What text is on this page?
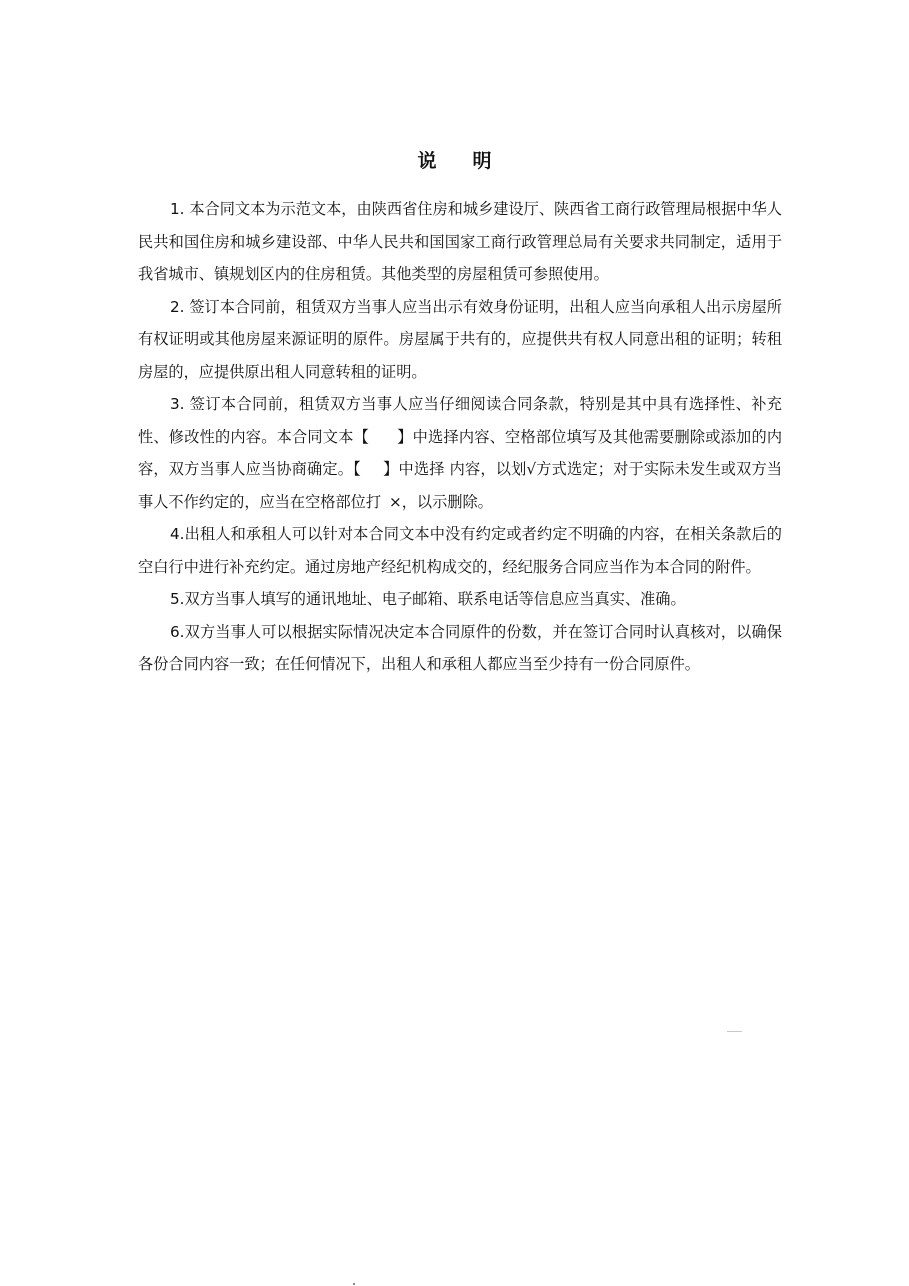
说明

1. 本合同文本为示范文本，由陕西省住房和城乡建设厅、陕西省工商行政管理局根据中华人民共和国住房和城乡建设部、中华人民共和国国家工商行政管理总局有关要求共同制定，适用于我省城市、镇规划区内的住房租赁。其他类型的房屋租赁可参照使用。

2. 签订本合同前，租赁双方当事人应当出示有效身份证明，出租人应当向承租人出示房屋所有权证明或其他房屋来源证明的原件。房屋属于共有的，应提供共有权人同意出租的证明；转租房屋的，应提供原出租人同意转租的证明。

3. 签订本合同前，租赁双方当事人应当仔细阅读合同条款，特别是其中具有选择性、补充性、修改性的内容。本合同文本【 】中选择内容、空格部位填写及其他需要删除或添加的内容，双方当事人应当协商确定。【 】中选择 内容，以划√方式选定；对于实际未发生或双方当事人不作约定的，应当在空格部位打 ×，以示删除。

4.出租人和承租人可以针对本合同文本中没有约定或者约定不明确的内容，在相关条款后的空白行中进行补充约定。通过房地产经纪机构成交的，经纪服务合同应当作为本合同的附件。

5.双方当事人填写的通讯地址、电子邮箱、联系电话等信息应当真实、准确。

6.双方当事人可以根据实际情况决定本合同原件的份数，并在签订合同时认真核对，以确保各份合同内容一致；在任何情况下，出租人和承租人都应当至少持有一份合同原件。
